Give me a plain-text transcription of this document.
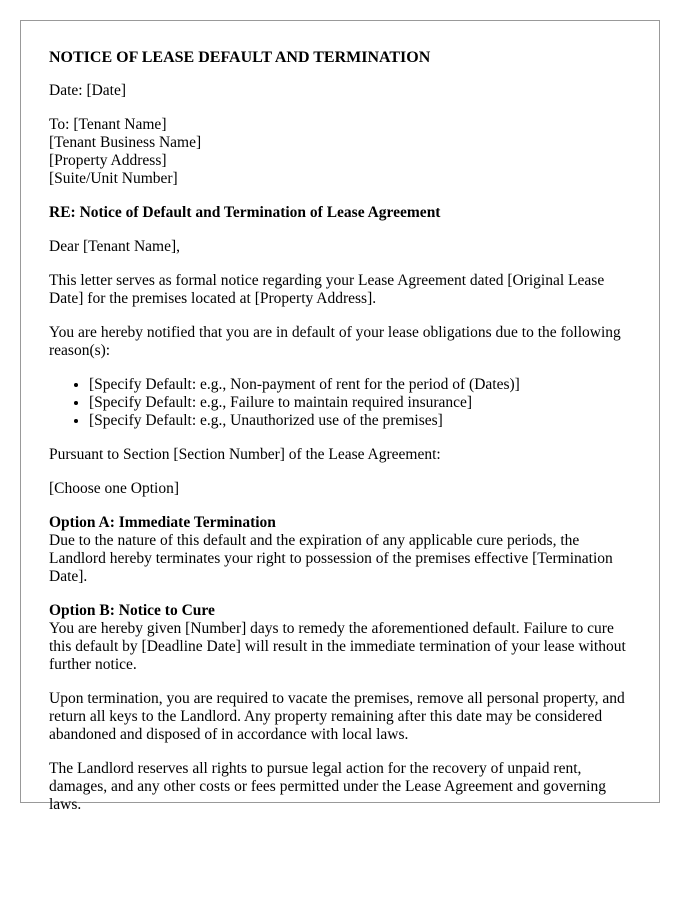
NOTICE OF LEASE DEFAULT AND TERMINATION

Date: [Date]

To: [Tenant Name]
[Tenant Business Name]
[Property Address]
[Suite/Unit Number]

RE: Notice of Default and Termination of Lease Agreement

Dear [Tenant Name],

This letter serves as formal notice regarding your Lease Agreement dated [Original Lease Date] for the premises located at [Property Address].

You are hereby notified that you are in default of your lease obligations due to the following reason(s):

• [Specify Default: e.g., Non-payment of rent for the period of (Dates)]
• [Specify Default: e.g., Failure to maintain required insurance]
• [Specify Default: e.g., Unauthorized use of the premises]

Pursuant to Section [Section Number] of the Lease Agreement:

[Choose one Option]

Option A: Immediate Termination
Due to the nature of this default and the expiration of any applicable cure periods, the Landlord hereby terminates your right to possession of the premises effective [Termination Date].
Option B: Notice to Cure
You are hereby given [Number] days to remedy the aforementioned default. Failure to cure this default by [Deadline Date] will result in the immediate termination of your lease without further notice.

Upon termination, you are required to vacate the premises, remove all personal property, and return all keys to the Landlord. Any property remaining after this date may be considered abandoned and disposed of in accordance with local laws.

The Landlord reserves all rights to pursue legal action for the recovery of unpaid rent, damages, and any other costs or fees permitted under the Lease Agreement and governing laws.
